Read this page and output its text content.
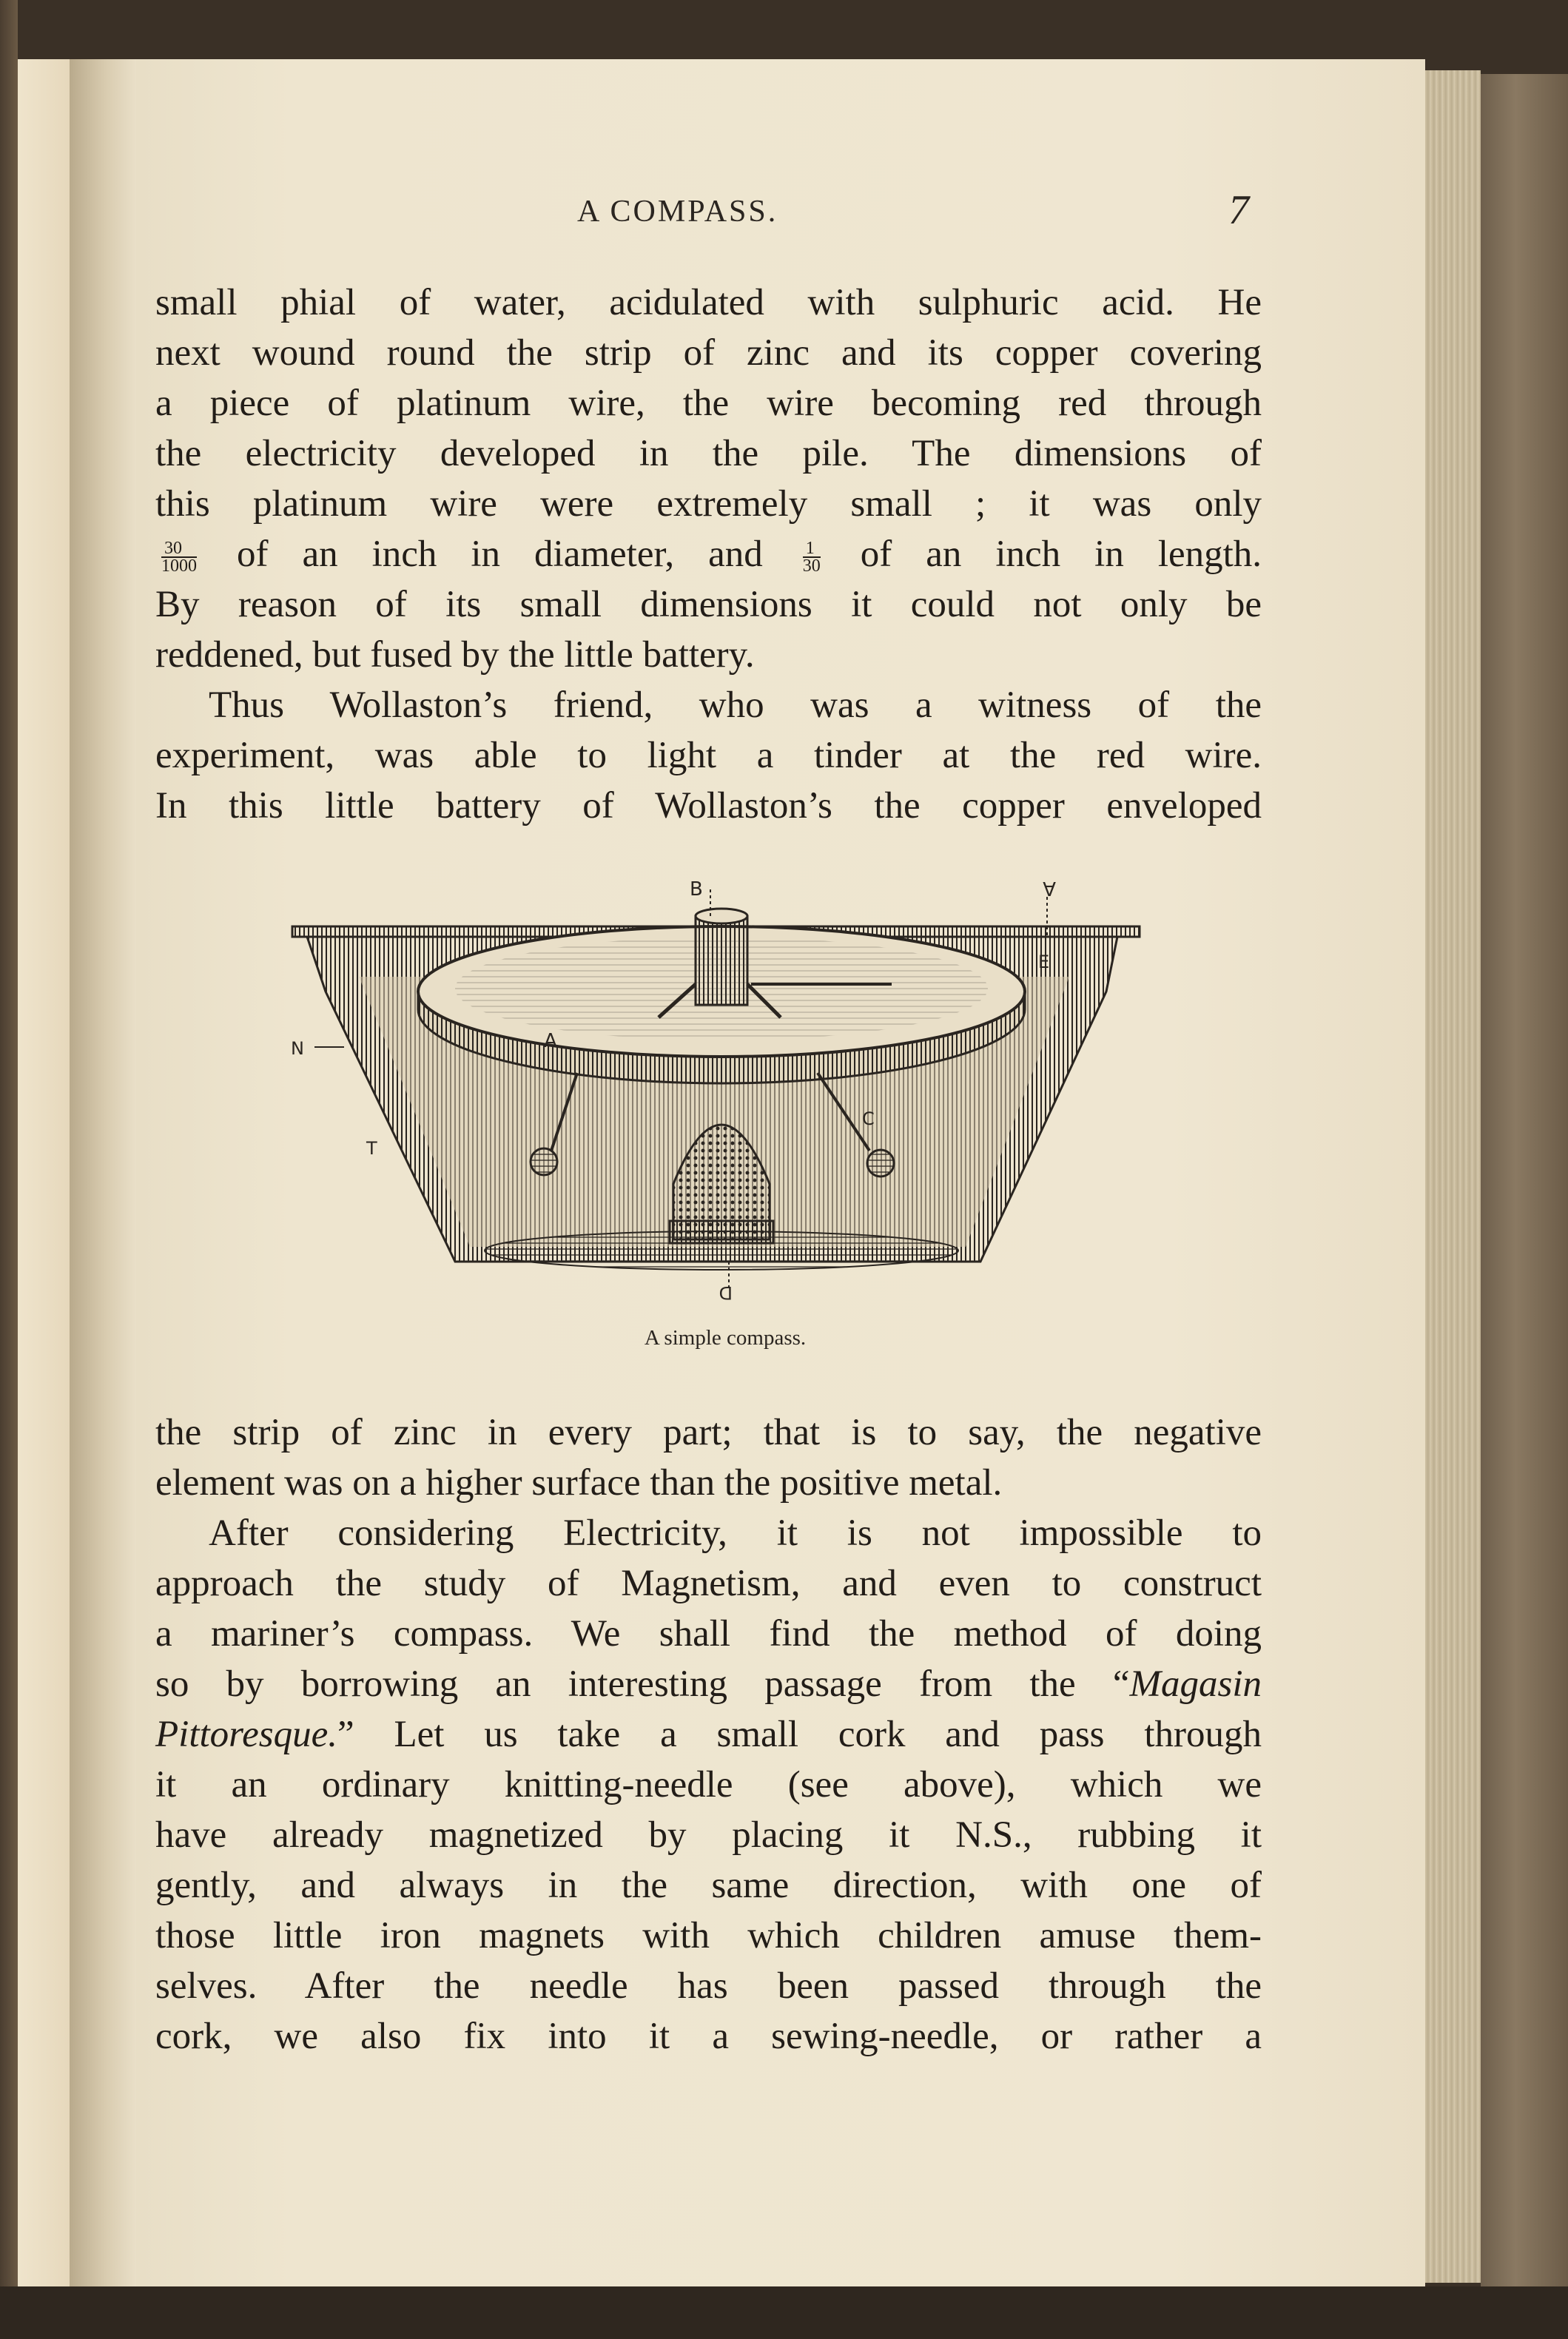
A COMPASS.	7

small phial of water, acidulated with sulphuric acid. He

next wound round the strip of zinc and its copper covering

a piece of platinum wire, the wire becoming red through

the electricity developed in the pile. The dimensions of

this platinum wire were extremely small ; it was only

$\frac{30}{1000}$ of an inch in diameter, and $\frac{1}{30}$ of an inch in length.

By reason of its small dimensions it could not only be

reddened, but fused by the little battery.

Thus Wollaston’s friend, who was a witness of the

experiment, was able to light a tinder at the red wire.

In this little battery of Wollaston’s the copper enveloped

B	A
E
N	A
T
C
D
A simple compass.

the strip of zinc in every part; that is to say, the negative

element was on a higher surface than the positive metal.

After considering Electricity, it is not impossible to

approach the study of Magnetism, and even to construct

a mariner’s compass. We shall find the method of doing

so by borrowing an interesting passage from the “Magasin

Pittoresque.” Let us take a small cork and pass through

it an ordinary knitting-needle (see above), which we

have already magnetized by placing it N.S., rubbing it

gently, and always in the same direction, with one of

those little iron magnets with which children amuse them-

selves. After the needle has been passed through the

cork, we also fix into it a sewing-needle, or rather a
